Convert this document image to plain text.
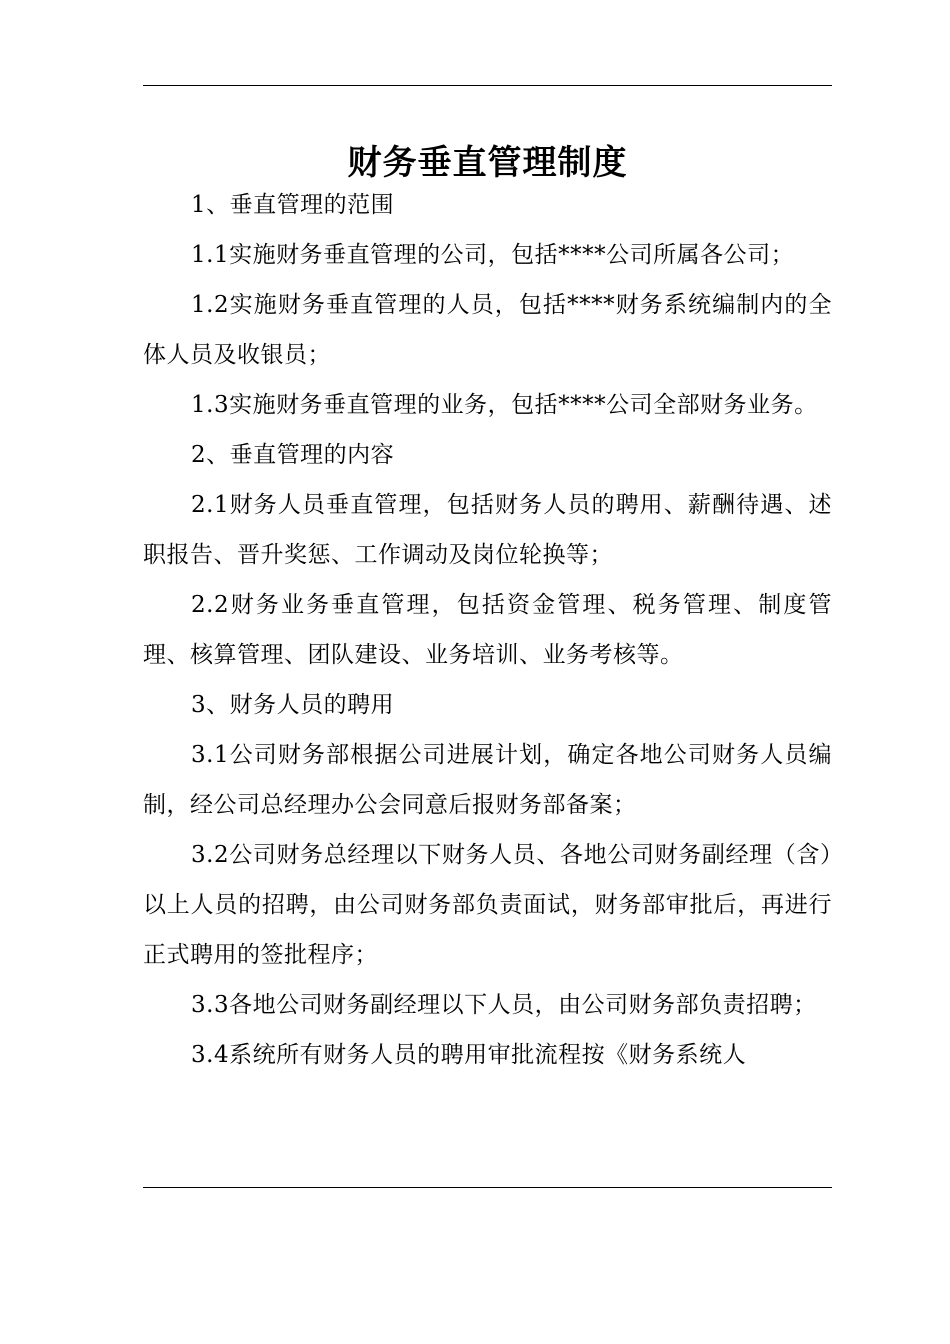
财务垂直管理制度

1、垂直管理的范围

1.1实施财务垂直管理的公司，包括****公司所属各公司；

1.2实施财务垂直管理的人员，包括****财务系统编制内的全体人员及收银员；

1.3实施财务垂直管理的业务，包括****公司全部财务业务。

2、垂直管理的内容

2.1财务人员垂直管理，包括财务人员的聘用、薪酬待遇、述职报告、晋升奖惩、工作调动及岗位轮换等；

2.2财务业务垂直管理，包括资金管理、税务管理、制度管理、核算管理、团队建设、业务培训、业务考核等。

3、财务人员的聘用

3.1公司财务部根据公司进展计划，确定各地公司财务人员编制，经公司总经理办公会同意后报财务部备案；

3.2公司财务总经理以下财务人员、各地公司财务副经理（含）以上人员的招聘，由公司财务部负责面试，财务部审批后，再进行正式聘用的签批程序；

3.3各地公司财务副经理以下人员，由公司财务部负责招聘；

3.4系统所有财务人员的聘用审批流程按《财务系统人
